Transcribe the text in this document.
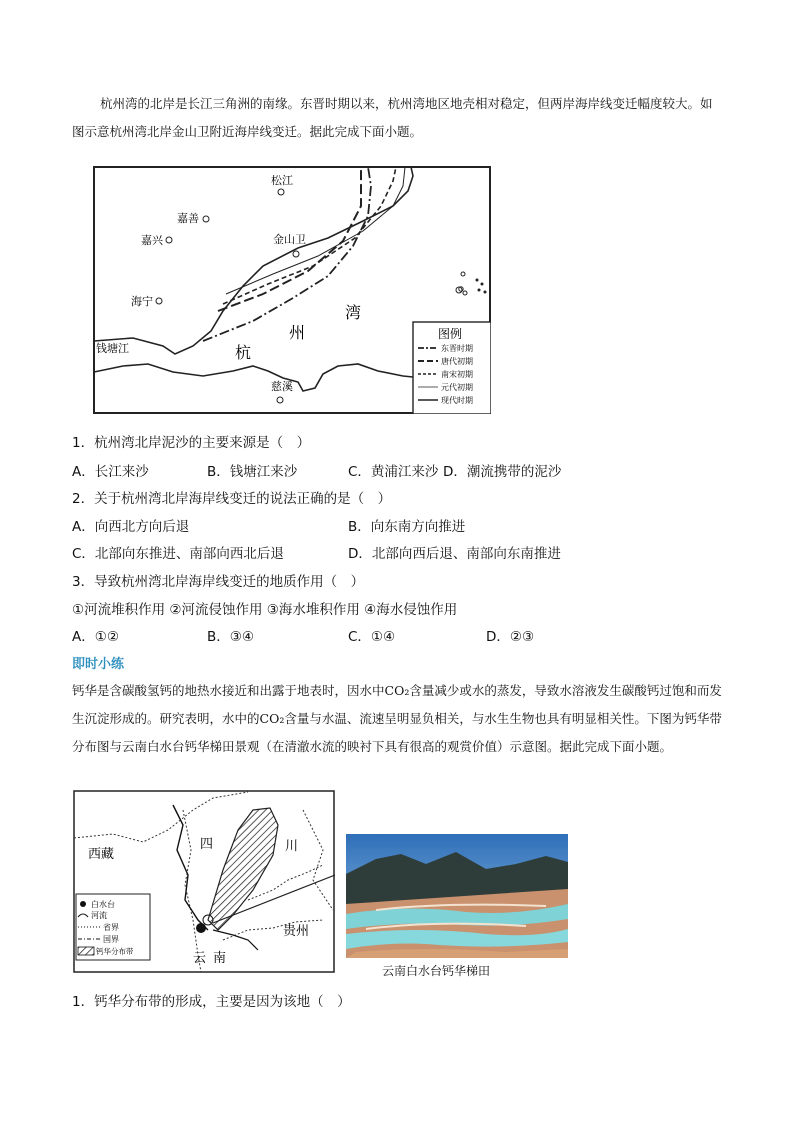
杭州湾的北岸是长江三角洲的南缘。东晋时期以来，杭州湾地区地壳相对稳定，但两岸海岸线变迁幅度较大。如图示意杭州湾北岸金山卫附近海岸线变迁。据此完成下面小题。
松江
嘉善
嘉兴	金山卫
海宁
钱塘江
慈溪
杭
州
湾
图例
东晋时期
唐代初期
南宋初期
元代初期
现代时期
1．杭州湾北岸泥沙的主要来源是（　）
A．长江来沙	B．钱塘江来沙	C．黄浦江来沙 D．潮流携带的泥沙
2．关于杭州湾北岸海岸线变迁的说法正确的是（　）
A．向西北方向后退	B．向东南方向推进
C．北部向东推进、南部向西北后退	D．北部向西后退、南部向东南推进
3．导致杭州湾北岸海岸线变迁的地质作用（　）
①河流堆积作用 ②河流侵蚀作用 ③海水堆积作用 ④海水侵蚀作用
A．①②	B．③④	C．①④	D．②③
即时小练
钙华是含碳酸氢钙的地热水接近和出露于地表时，因水中CO₂含量减少或水的蒸发，导致水溶液发生碳酸钙过饱和而发生沉淀形成的。研究表明，水中的CO₂含量与水温、流速呈明显负相关，与水生生物也具有明显相关性。下图为钙华带分布图与云南白水台钙华梯田景观（在清澈水流的映衬下具有很高的观赏价值）示意图。据此完成下面小题。
西藏
四	川
贵州
云 南
白水台
河流
省界
国界
钙华分布带
云南白水台钙华梯田
1．钙华分布带的形成，主要是因为该地（　）
